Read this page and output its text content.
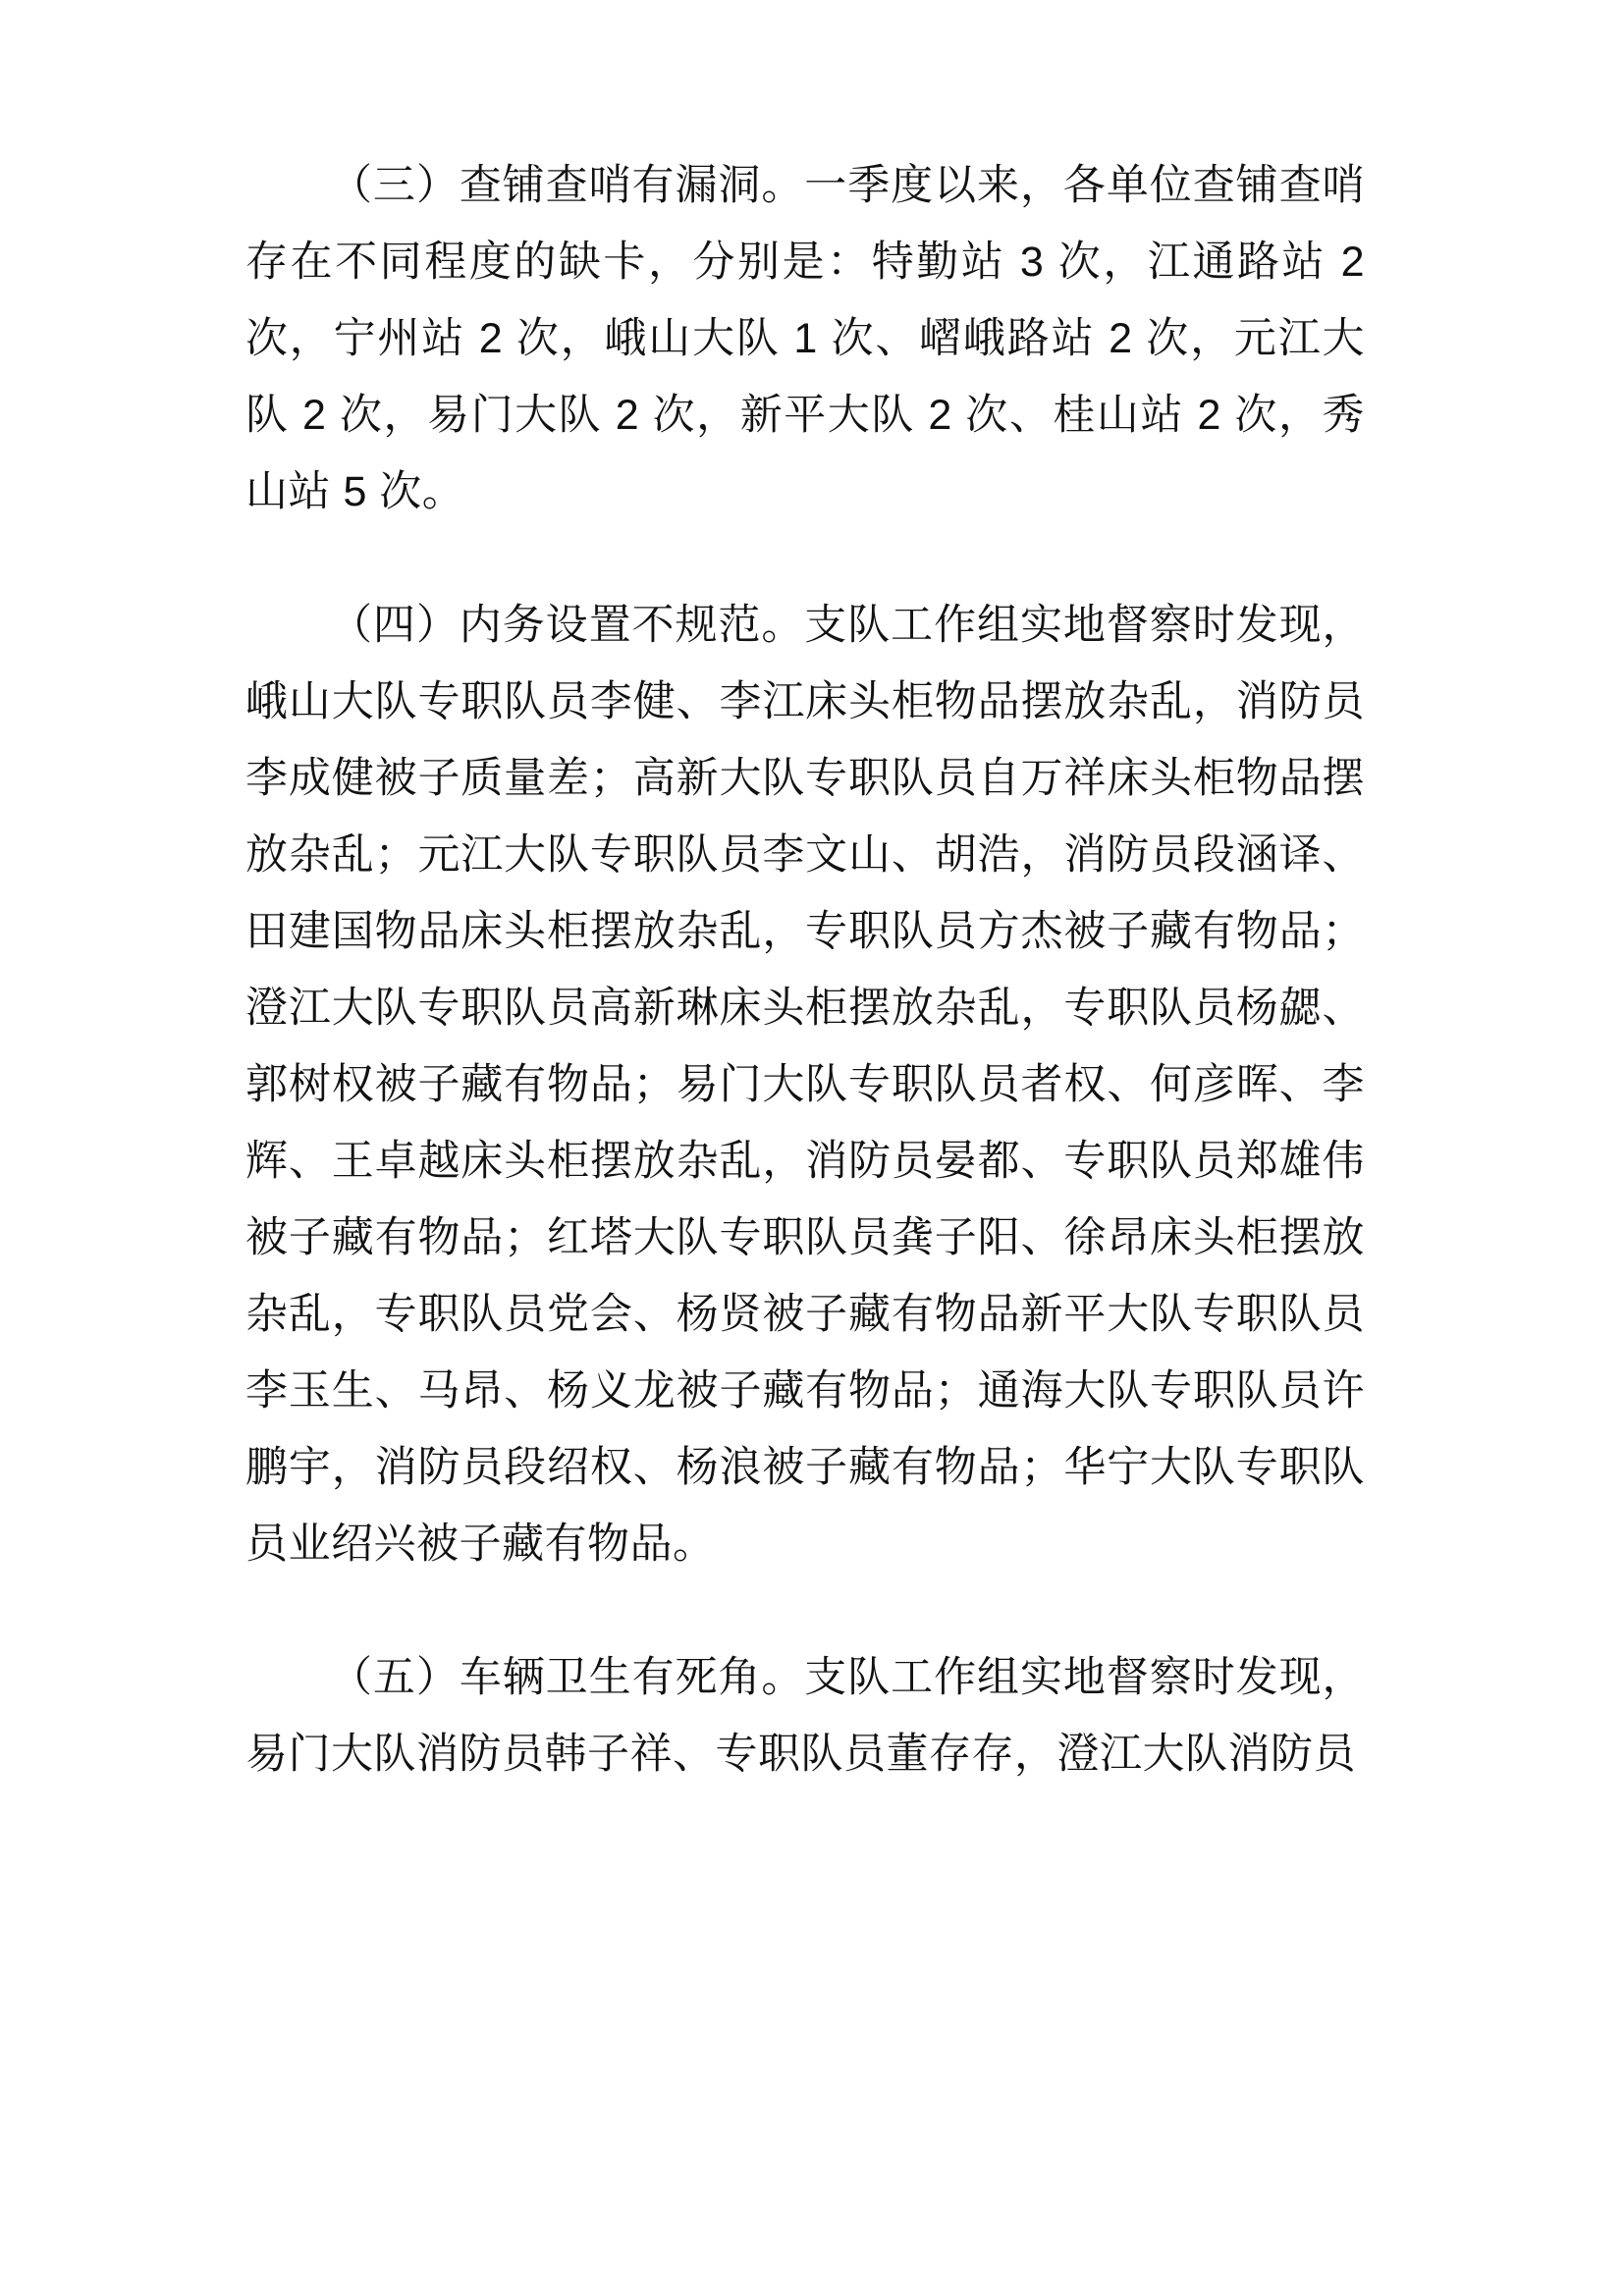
（三）查铺查哨有漏洞。一季度以来，各单位查铺查哨存在不同程度的缺卡，分别是：特勤站 3 次，江通路站 2 次，宁州站 2 次，峨山大队 1 次、嶍峨路站 2 次，元江大队 2 次，易门大队 2 次，新平大队 2 次、桂山站 2 次，秀山站 5 次。

（四）内务设置不规范。支队工作组实地督察时发现，峨山大队专职队员李健、李江床头柜物品摆放杂乱，消防员李成健被子质量差；高新大队专职队员自万祥床头柜物品摆放杂乱；元江大队专职队员李文山、胡浩，消防员段涵译、田建国物品床头柜摆放杂乱，专职队员方杰被子藏有物品；澄江大队专职队员高新琳床头柜摆放杂乱，专职队员杨勰、郭树权被子藏有物品；易门大队专职队员者权、何彦晖、李辉、王卓越床头柜摆放杂乱，消防员晏都、专职队员郑雄伟被子藏有物品；红塔大队专职队员龚子阳、徐昂床头柜摆放杂乱，专职队员党会、杨贤被子藏有物品新平大队专职队员李玉生、马昂、杨义龙被子藏有物品；通海大队专职队员许鹏宇，消防员段绍权、杨浪被子藏有物品；华宁大队专职队员业绍兴被子藏有物品。

（五）车辆卫生有死角。支队工作组实地督察时发现，易门大队消防员韩子祥、专职队员董存存，澄江大队消防员
